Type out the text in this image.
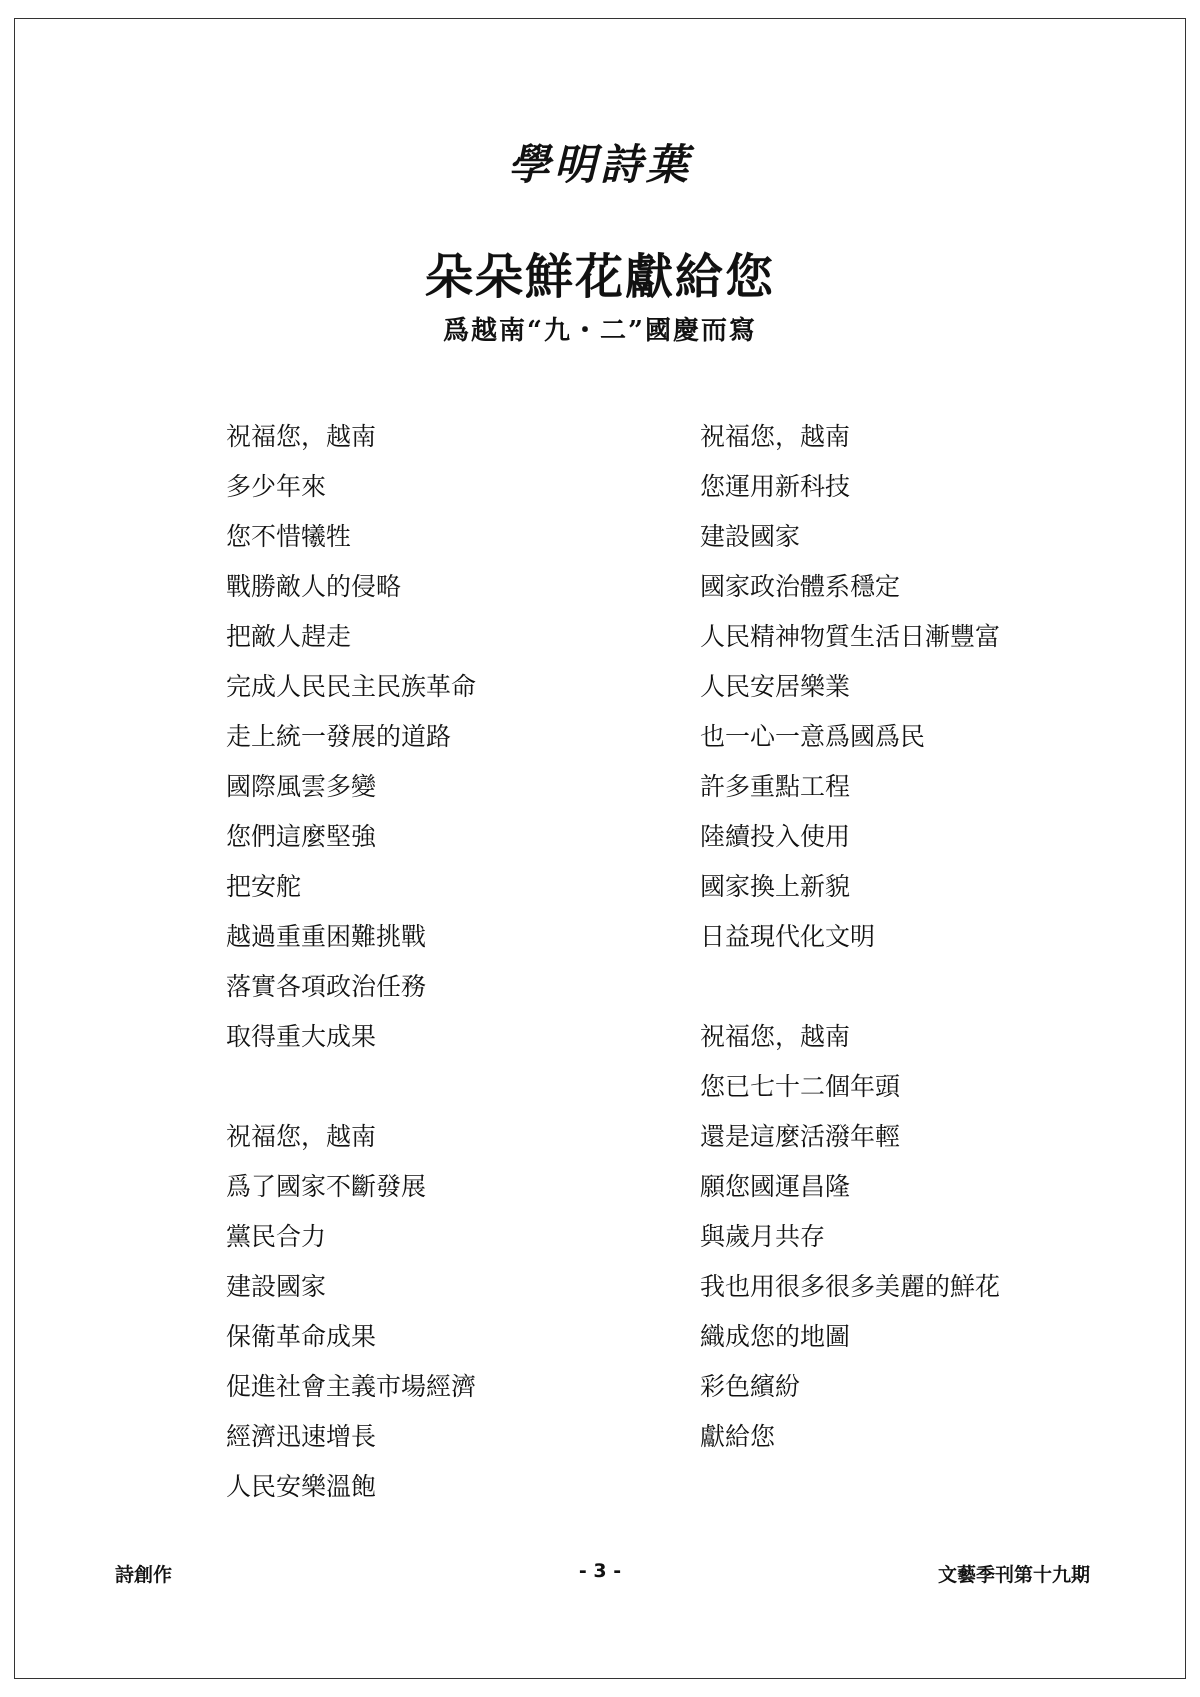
學明詩葉
朵朵鮮花獻給您
爲越南“九・二”國慶而寫

祝福您，越南

多少年來

您不惜犧牲

戰勝敵人的侵略

把敵人趕走

完成人民民主民族革命

走上統一發展的道路

國際風雲多變

您們這麼堅強

把安舵

越過重重困難挑戰

落實各項政治任務

取得重大成果

祝福您，越南

爲了國家不斷發展

黨民合力

建設國家

保衛革命成果

促進社會主義市場經濟

經濟迅速增長

人民安樂溫飽

祝福您，越南

您運用新科技

建設國家

國家政治體系穩定

人民精神物質生活日漸豐富

人民安居樂業

也一心一意爲國爲民

許多重點工程

陸續投入使用

國家換上新貌

日益現代化文明

祝福您，越南

您已七十二個年頭

還是這麼活潑年輕

願您國運昌隆

與歲月共存

我也用很多很多美麗的鮮花

織成您的地圖

彩色繽紛

獻給您

詩創作	- 3 -	文藝季刊第十九期
